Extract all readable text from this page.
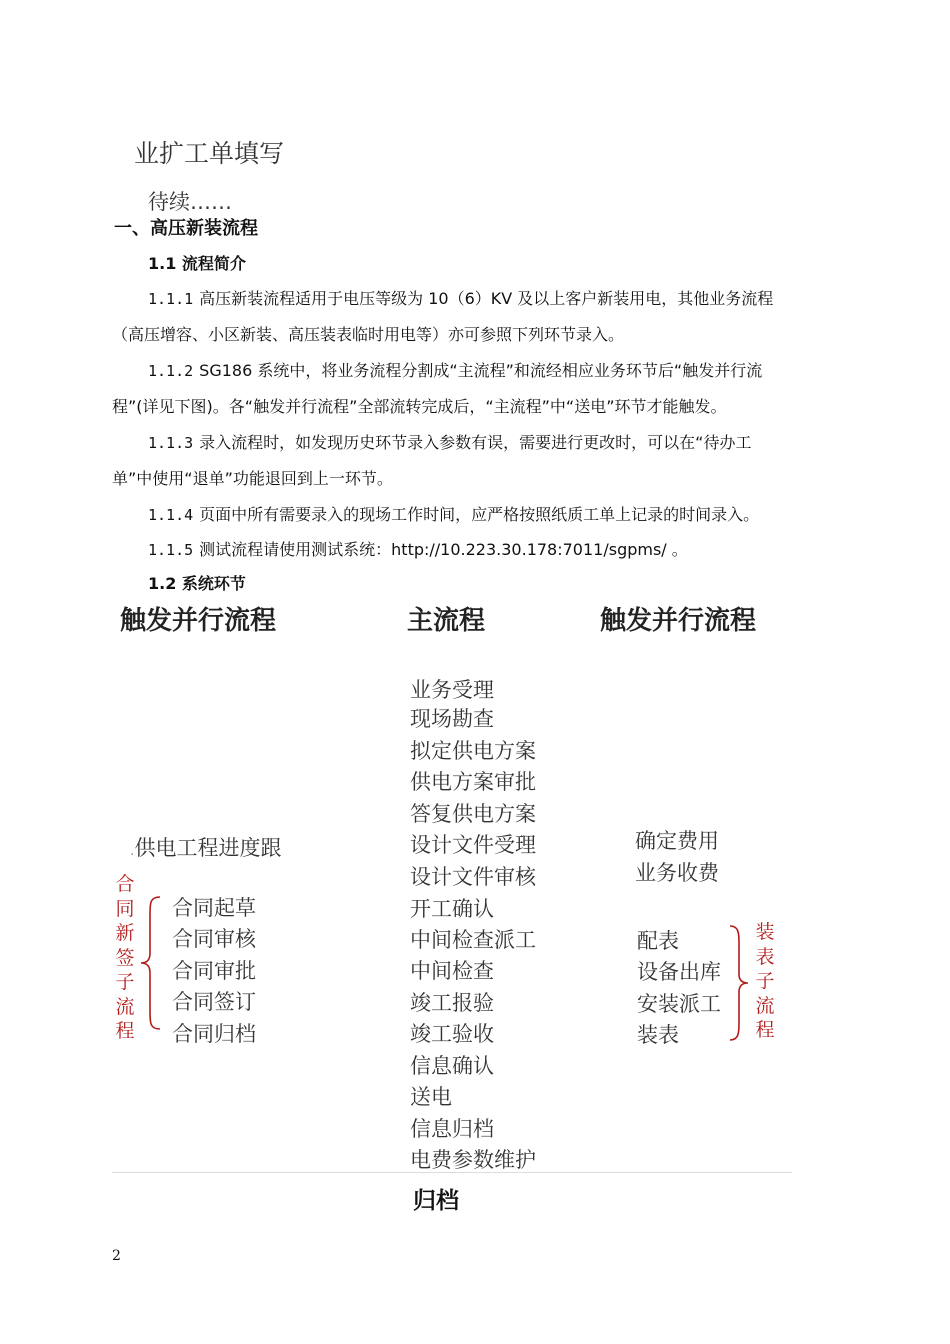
业扩工单填写
待续……
一、高压新装流程
1.1 流程简介
1.1.1 高压新装流程适用于电压等级为 10（6）KV 及以上客户新装用电，其他业务流程
（高压增容、小区新装、高压装表临时用电等）亦可参照下列环节录入。
1.1.2 SG186 系统中，将业务流程分割成“主流程”和流经相应业务环节后“触发并行流
程”(详见下图)。各“触发并行流程”全部流转完成后，“主流程”中“送电”环节才能触发。
1.1.3 录入流程时，如发现历史环节录入参数有误，需要进行更改时，可以在“待办工
单”中使用“退单”功能退回到上一环节。
1.1.4 页面中所有需要录入的现场工作时间，应严格按照纸质工单上记录的时间录入。
1.1.5 测试流程请使用测试系统：http://10.223.30.178:7011/sgpms/ 。
1.2 系统环节
触发并行流程	主流程	触发并行流程
业务受理
现场勘查
拟定供电方案
供电方案审批
答复供电方案
设计文件受理
设计文件审核
开工确认
中间检查派工
中间检查
竣工报验
竣工验收
信息确认
送电
信息归档
电费参数维护
.供电工程进度跟
合同新签子流程
合同起草
合同审核
合同审批
合同签订
合同归档
确定费用
业务收费
配表
设备出库
安装派工
装表
装表子流程
归档
2
